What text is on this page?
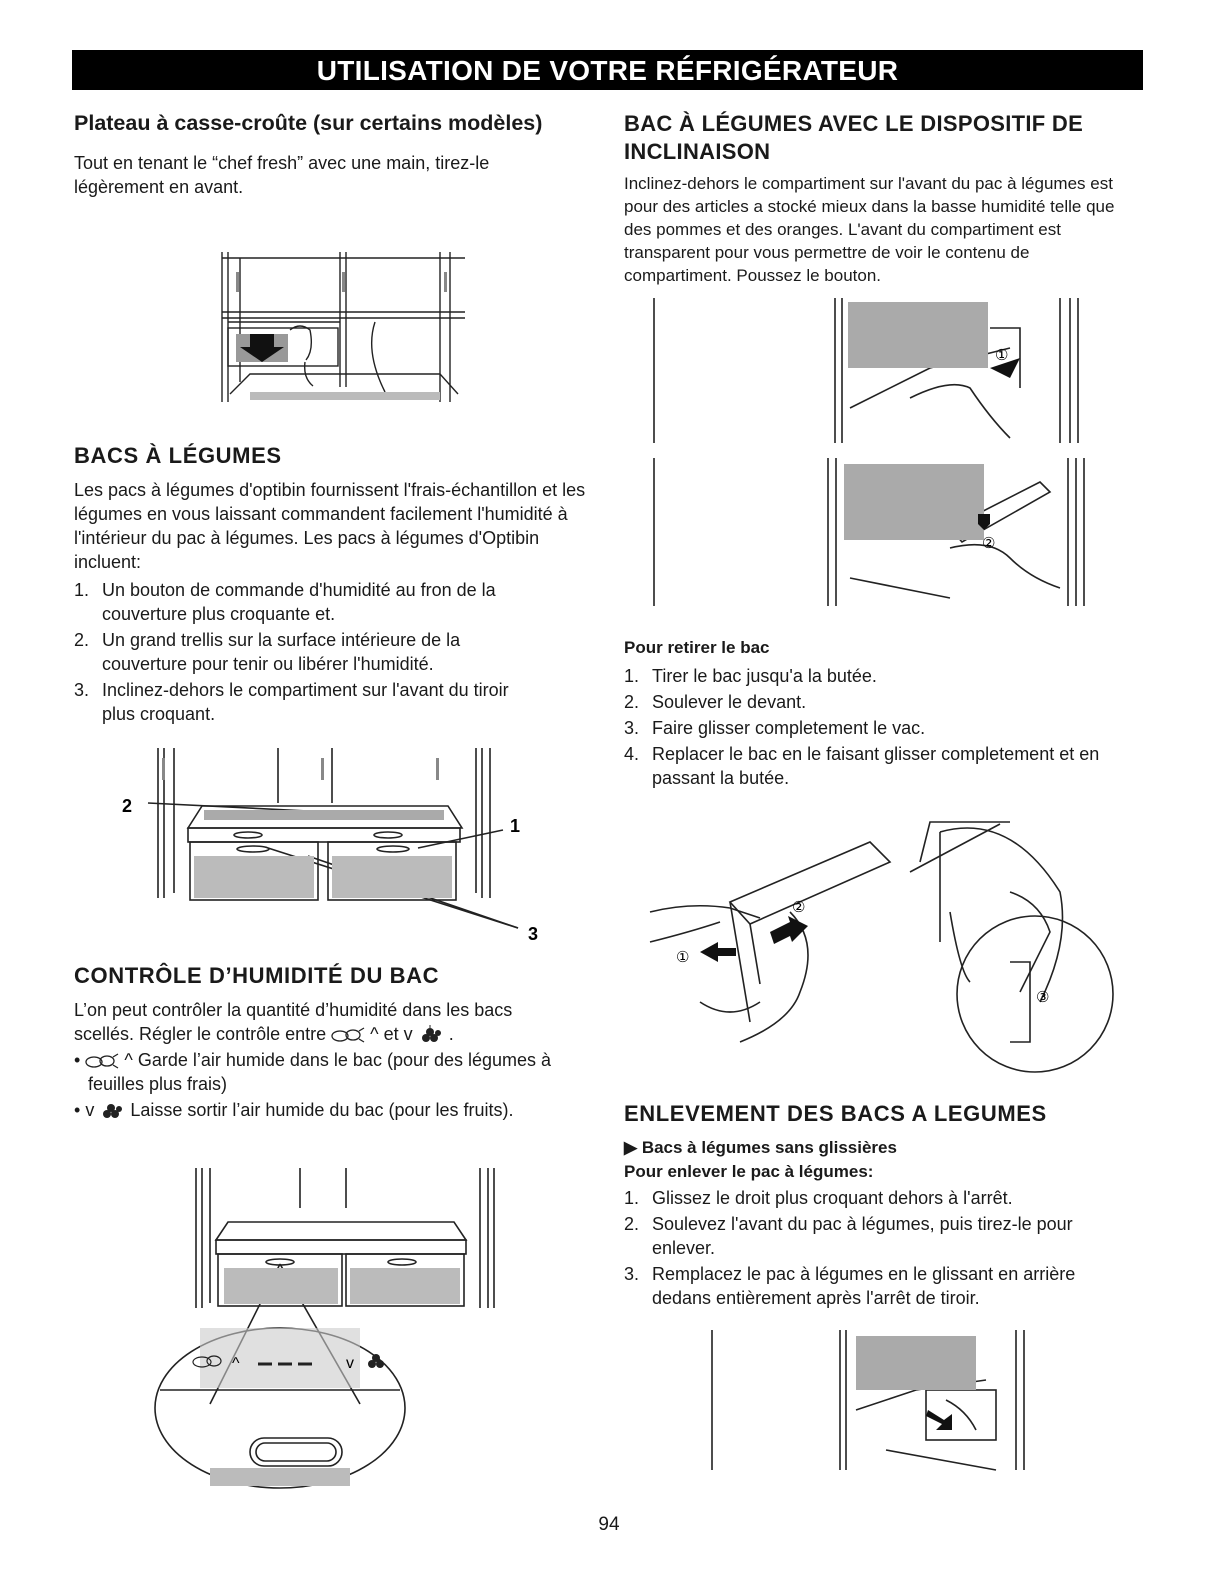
UTILISATION DE VOTRE RÉFRIGÉRATEUR
Plateau à casse-croûte (sur certains modèles)

Tout en tenant le “chef fresh” avec une main, tirez-le légèrement en avant.

BACS À LÉGUMES

Les pacs à légumes d'optibin fournissent l'frais-échantillon et les légumes en vous laissant commandent facilement l'humidité à l'intérieur du pac à légumes. Les pacs à légumes d'Optibin incluent:

1. Un bouton de commande d'humidité au fron de la couverture plus croquante et.
2. Un grand trellis sur la surface intérieure de la couverture pour tenir ou libérer l'humidité.
3. Inclinez-dehors le compartiment sur l'avant du tiroir plus croquant.
2
1
3
CONTRÔLE D’HUMIDITÉ DU BAC

L’on peut contrôler la quantité d’humidité dans les bacs scellés. Régler le contrôle entre ^ et v .

• ^ Garde l’air humide dans le bac (pour des légumes à feuilles plus frais)
• v Laisse sortir l’air humide du bac (pour les fruits).
^	v
BAC À LÉGUMES AVEC LE DISPOSITIF DE INCLINAISON

Inclinez-dehors le compartiment sur l'avant du pac à légumes est pour des articles a stocké mieux dans la basse humidité telle que des pommes et des oranges. L'avant du compartiment est transparent pour vous permettre de voir le contenu de compartiment. Poussez le bouton.

①
②
Pour retirer le bac
1. Tirer le bac jusqu'a la butée.
2. Soulever le devant.
3. Faire glisser completement le vac.
4. Replacer le bac en le faisant glisser completement et en passant la butée.
①
②
③
ENLEVEMENT DES BACS A LEGUMES
▶ Bacs à légumes sans glissières
Pour enlever le pac à légumes:
1. Glissez le droit plus croquant dehors à l'arrêt.
2. Soulevez l'avant du pac à légumes, puis tirez-le pour enlever.
3. Remplacez le pac à légumes en le glissant en arrière dedans entièrement après l'arrêt de tiroir.
94
